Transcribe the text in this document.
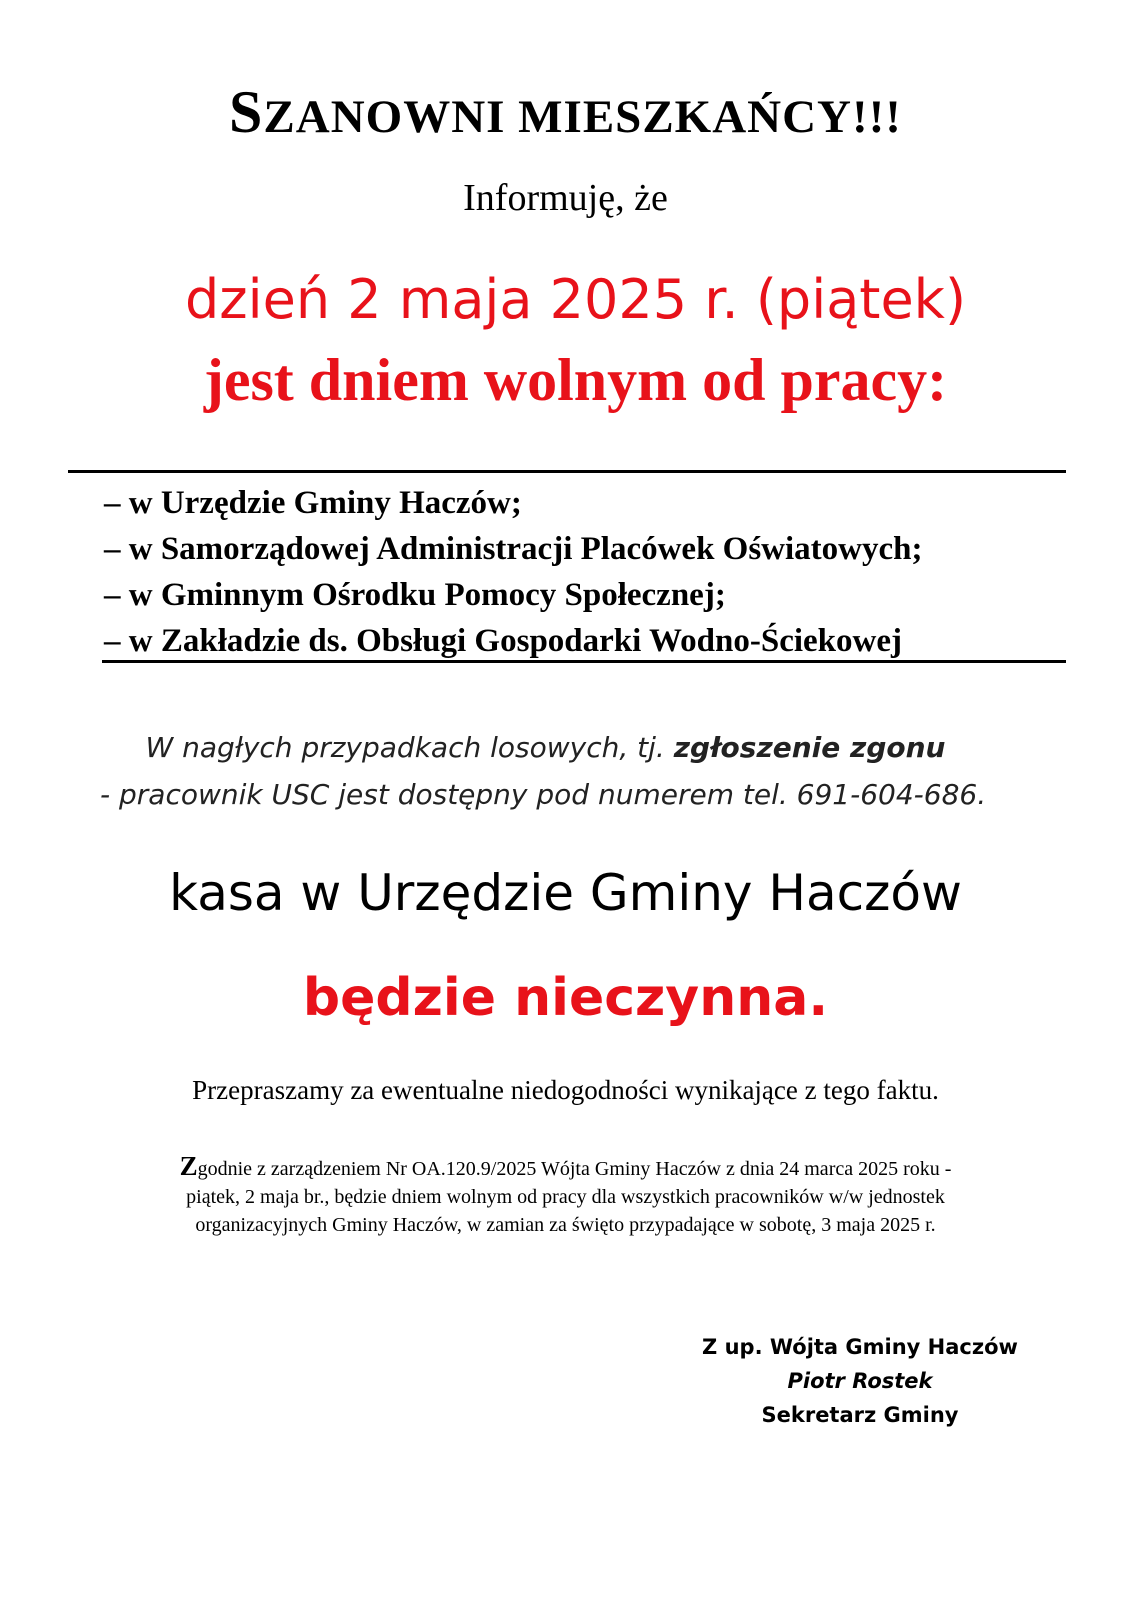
SZANOWNI MIESZKAŃCY!!!
Informuję, że
dzień 2 maja 2025 r. (piątek)
jest dniem wolnym od pracy:
– w Urzędzie Gminy Haczów;
– w Samorządowej Administracji Placówek Oświatowych;
– w Gminnym Ośrodku Pomocy Społecznej;
– w Zakładzie ds. Obsługi Gospodarki Wodno-Ściekowej
W nagłych przypadkach losowych, tj. zgłoszenie zgonu
- pracownik USC jest dostępny pod numerem tel. 691-604-686.
kasa w Urzędzie Gminy Haczów
będzie nieczynna.
Przepraszamy za ewentualne niedogodności wynikające z tego faktu.
Zgodnie z zarządzeniem Nr OA.120.9/2025 Wójta Gminy Haczów z dnia 24 marca 2025 roku -
piątek, 2 maja br., będzie dniem wolnym od pracy dla wszystkich pracowników w/w jednostek
organizacyjnych Gminy Haczów, w zamian za święto przypadające w sobotę, 3 maja 2025 r.
Z up. Wójta Gminy Haczów
Piotr Rostek
Sekretarz Gminy
